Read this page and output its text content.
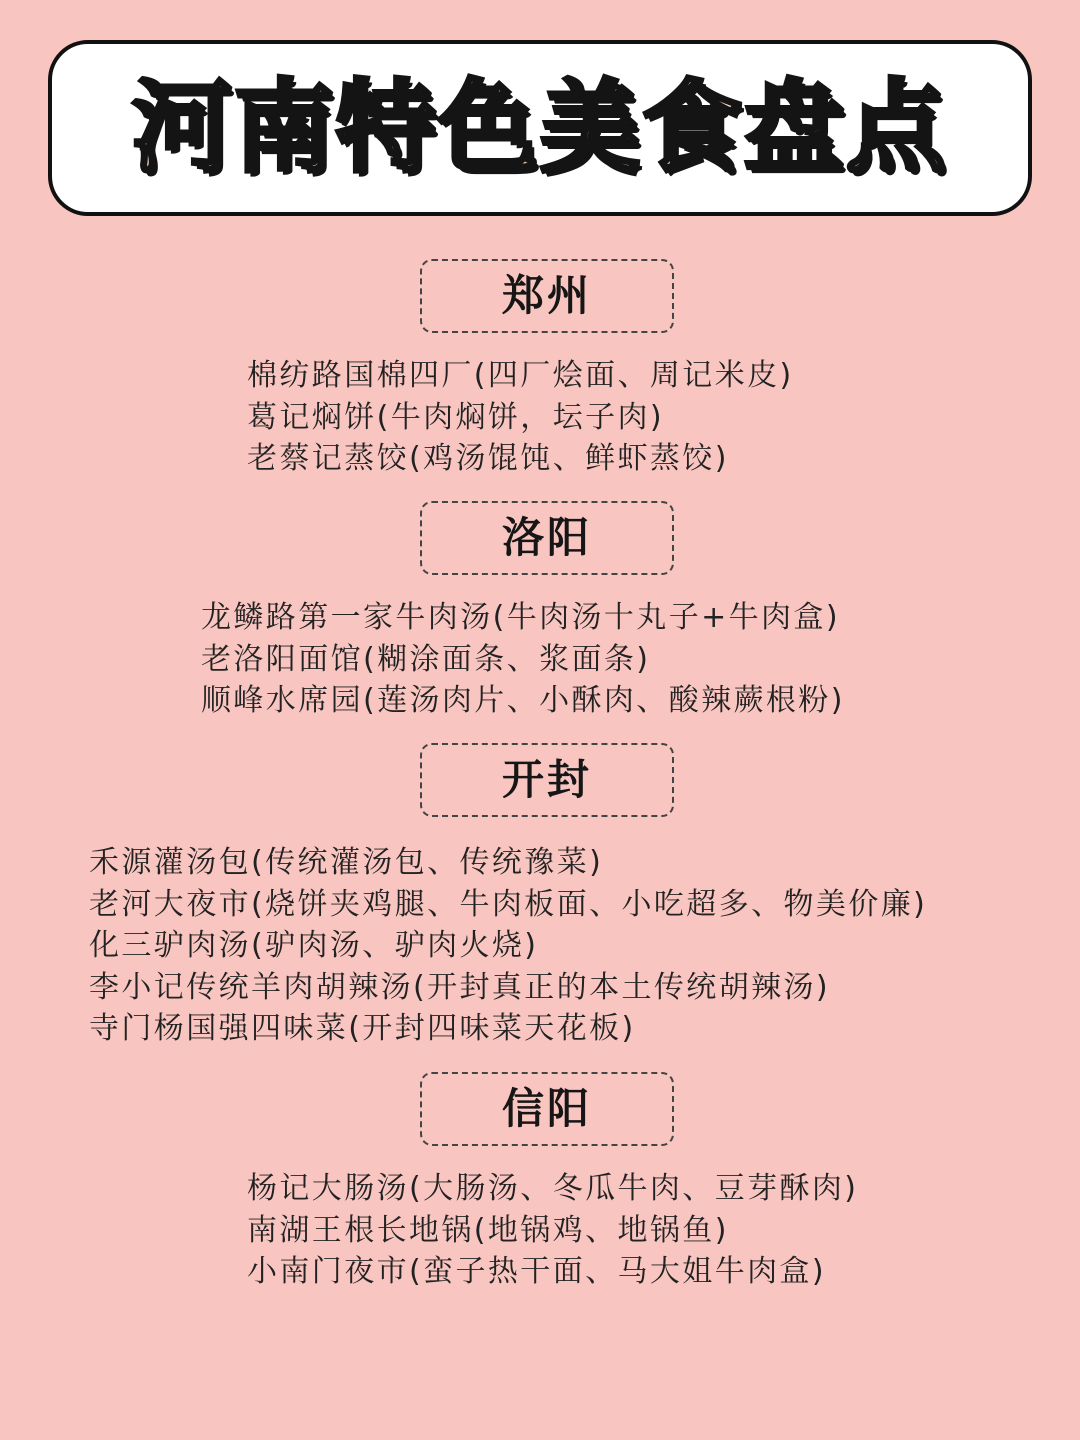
河南特色美食盘点
郑州
棉纺路国棉四厂(四厂烩面、周记米皮)
葛记焖饼(牛肉焖饼，坛子肉)
老蔡记蒸饺(鸡汤馄饨、鲜虾蒸饺)
洛阳
龙鳞路第一家牛肉汤(牛肉汤十丸子+牛肉盒)
老洛阳面馆(糊涂面条、浆面条)
顺峰水席园(莲汤肉片、小酥肉、酸辣蕨根粉)
开封
禾源灌汤包(传统灌汤包、传统豫菜)
老河大夜市(烧饼夹鸡腿、牛肉板面、小吃超多、物美价廉)
化三驴肉汤(驴肉汤、驴肉火烧)
李小记传统羊肉胡辣汤(开封真正的本土传统胡辣汤)
寺门杨国强四味菜(开封四味菜天花板)
信阳
杨记大肠汤(大肠汤、冬瓜牛肉、豆芽酥肉)
南湖王根长地锅(地锅鸡、地锅鱼)
小南门夜市(蛮子热干面、马大姐牛肉盒)
